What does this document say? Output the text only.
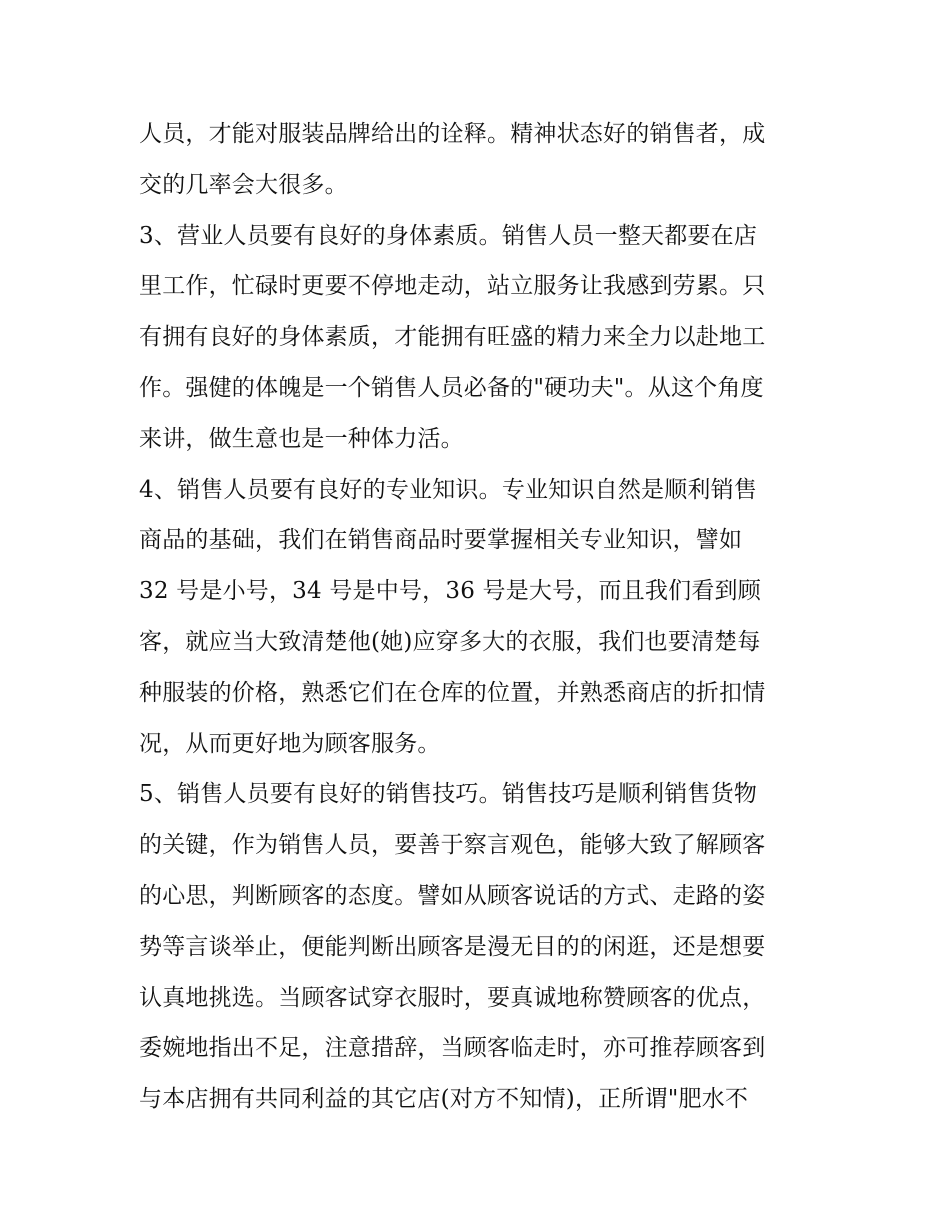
人员，才能对服装品牌给出的诠释。精神状态好的销售者，成
交的几率会大很多。
3、营业人员要有良好的身体素质。销售人员一整天都要在店
里工作，忙碌时更要不停地走动，站立服务让我感到劳累。只
有拥有良好的身体素质，才能拥有旺盛的精力来全力以赴地工
作。强健的体魄是一个销售人员必备的"硬功夫"。从这个角度
来讲，做生意也是一种体力活。
4、销售人员要有良好的专业知识。专业知识自然是顺利销售
商品的基础，我们在销售商品时要掌握相关专业知识，譬如
32 号是小号，34 号是中号，36 号是大号，而且我们看到顾
客，就应当大致清楚他(她)应穿多大的衣服，我们也要清楚每
种服装的价格，熟悉它们在仓库的位置，并熟悉商店的折扣情
况，从而更好地为顾客服务。
5、销售人员要有良好的销售技巧。销售技巧是顺利销售货物
的关键，作为销售人员，要善于察言观色，能够大致了解顾客
的心思，判断顾客的态度。譬如从顾客说话的方式、走路的姿
势等言谈举止，便能判断出顾客是漫无目的的闲逛，还是想要
认真地挑选。当顾客试穿衣服时，要真诚地称赞顾客的优点，
委婉地指出不足，注意措辞，当顾客临走时，亦可推荐顾客到
与本店拥有共同利益的其它店(对方不知情)，正所谓"肥水不
